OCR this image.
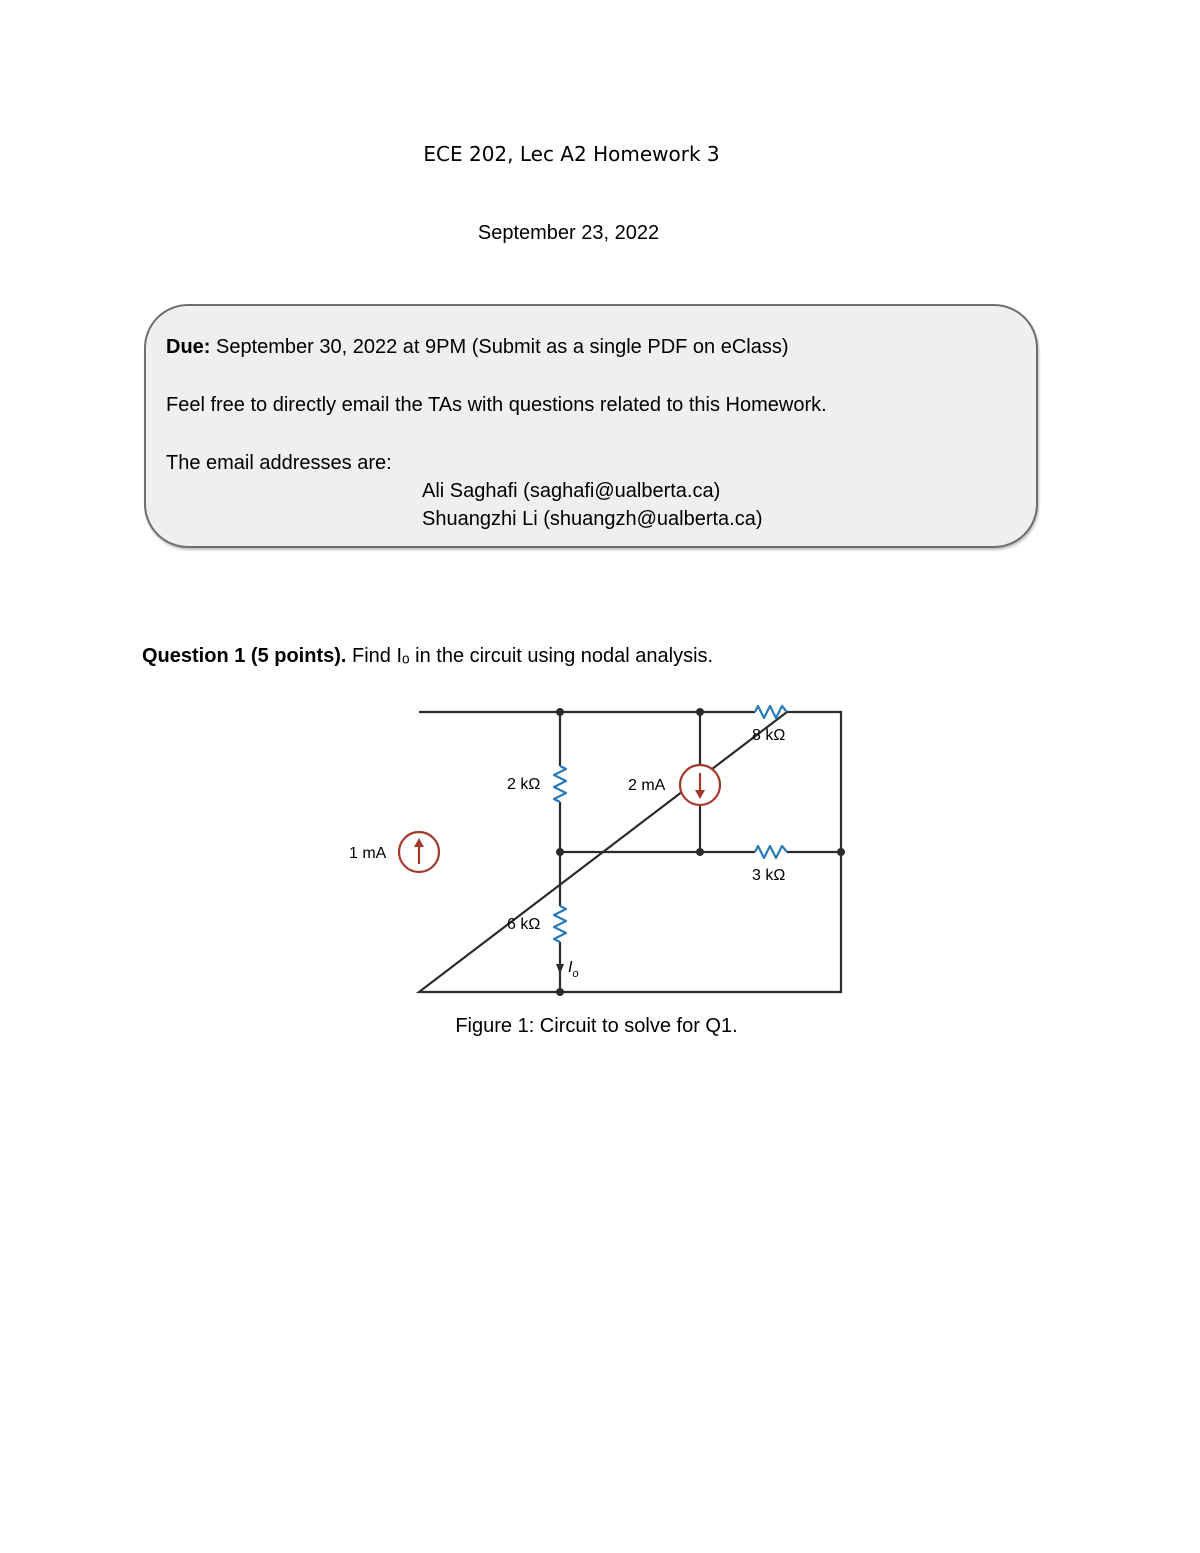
ECE 202, Lec A2 Homework 3
September 23, 2022
Due: September 30, 2022 at 9PM (Submit as a single PDF on eClass)
Feel free to directly email the TAs with questions related to this Homework.
The email addresses are:
Ali Saghafi (saghafi@ualberta.ca)
Shuangzhi Li (shuangzh@ualberta.ca)
Question 1 (5 points). Find Iₒ in the circuit using nodal analysis.
1 mA
2 mA
2 kΩ
6 kΩ
8 kΩ
3 kΩ
$I_o$
Figure 1: Circuit to solve for Q1.
